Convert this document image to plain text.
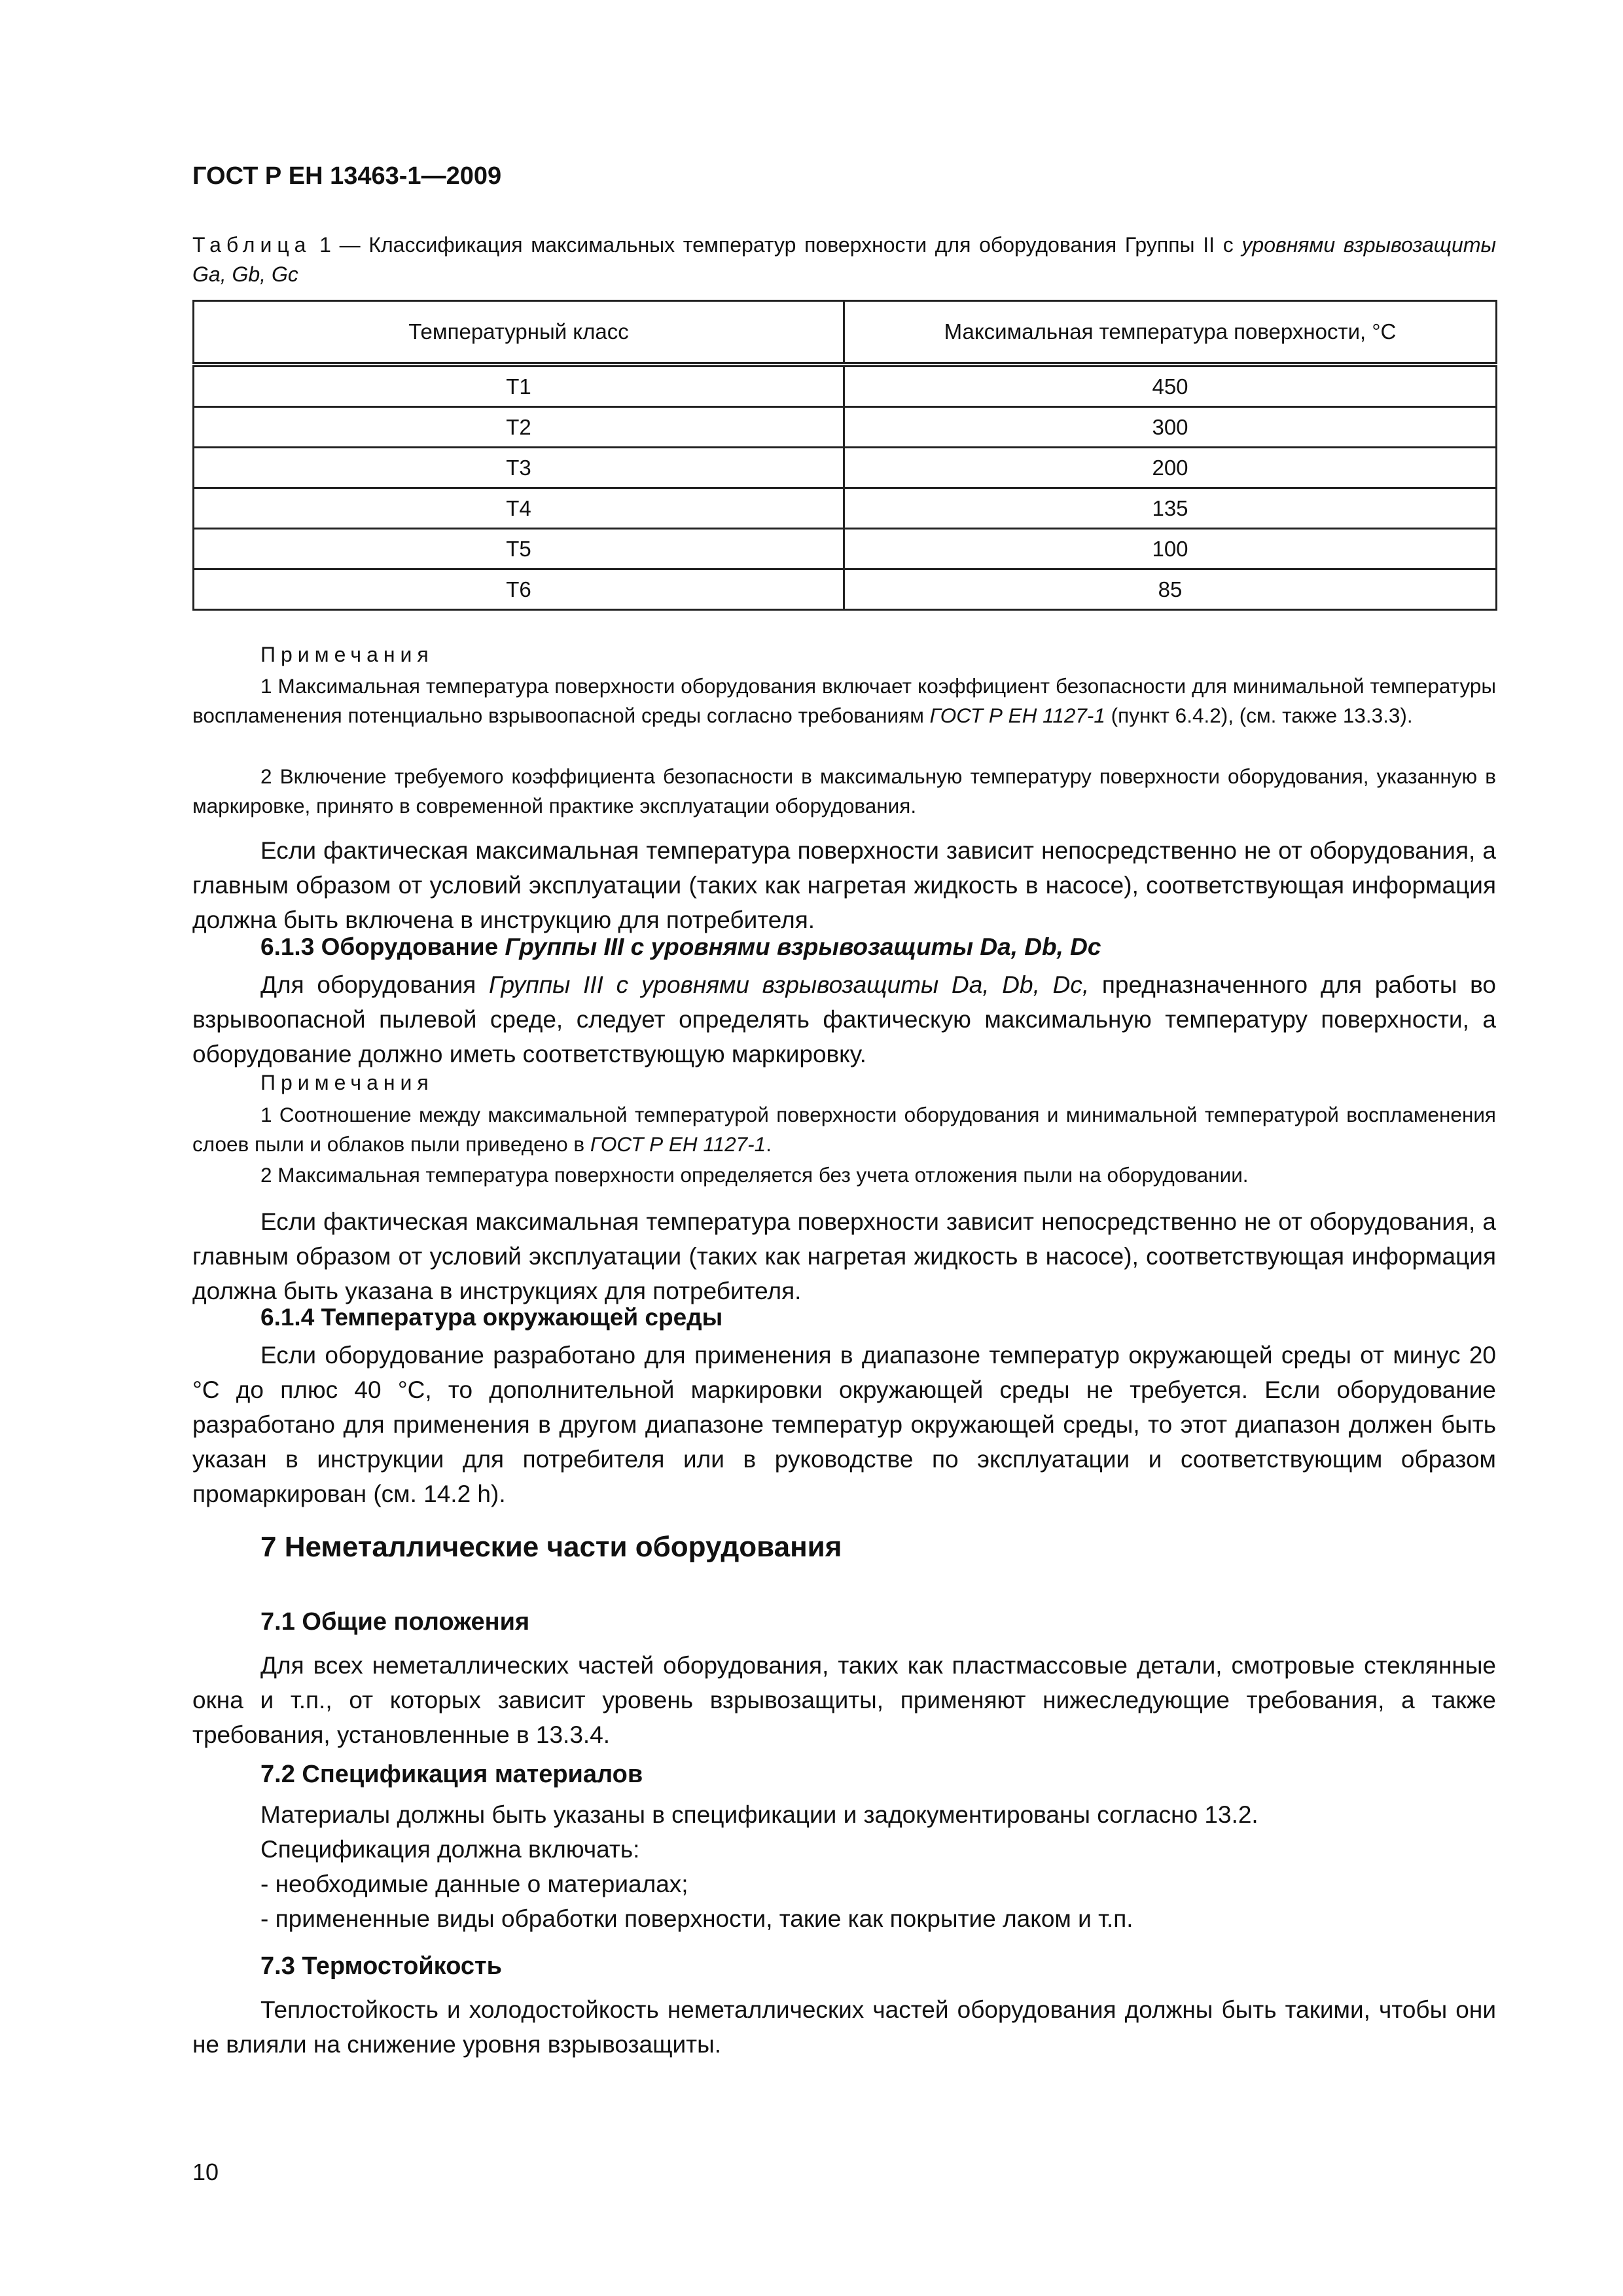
ГОСТ Р ЕН 13463-1—2009
Таблица 1 — Классификация максимальных температур поверхности для оборудования Группы II с уровнями взрывозащиты Ga, Gb, Gc
Температурный класс	Максимальная температура поверхности, °С
Т1	450
Т2	300
Т3	200
Т4	135
Т5	100
Т6	85
Примечания
1 Максимальная температура поверхности оборудования включает коэффициент безопасности для минимальной температуры воспламенения потенциально взрывоопасной среды согласно требованиям ГОСТ Р ЕН 1127-1 (пункт 6.4.2), (см. также 13.3.3).
2 Включение требуемого коэффициента безопасности в максимальную температуру поверхности оборудования, указанную в маркировке, принято в современной практике эксплуатации оборудования.
Если фактическая максимальная температура поверхности зависит непосредственно не от оборудования, а главным образом от условий эксплуатации (таких как нагретая жидкость в насосе), соответствующая информация должна быть включена в инструкцию для потребителя.
6.1.3 Оборудование Группы III с уровнями взрывозащиты Da, Db, Dc
Для оборудования Группы III с уровнями взрывозащиты Da, Db, Dc, предназначенного для работы во взрывоопасной пылевой среде, следует определять фактическую максимальную температуру поверхности, а оборудование должно иметь соответствующую маркировку.
Примечания
1 Соотношение между максимальной температурой поверхности оборудования и минимальной температурой воспламенения слоев пыли и облаков пыли приведено в ГОСТ Р ЕН 1127-1.
2 Максимальная температура поверхности определяется без учета отложения пыли на оборудовании.
Если фактическая максимальная температура поверхности зависит непосредственно не от оборудования, а главным образом от условий эксплуатации (таких как нагретая жидкость в насосе), соответствующая информация должна быть указана в инструкциях для потребителя.
6.1.4 Температура окружающей среды
Если оборудование разработано для применения в диапазоне температур окружающей среды от минус 20 °С до плюс 40 °С, то дополнительной маркировки окружающей среды не требуется. Если оборудование разработано для применения в другом диапазоне температур окружающей среды, то этот диапазон должен быть указан в инструкции для потребителя или в руководстве по эксплуатации и соответствующим образом промаркирован (см. 14.2 h).
7 Неметаллические части оборудования
7.1 Общие положения
Для всех неметаллических частей оборудования, таких как пластмассовые детали, смотровые стеклянные окна и т.п., от которых зависит уровень взрывозащиты, применяют нижеследующие требования, а также требования, установленные в 13.3.4.
7.2 Спецификация материалов
Материалы должны быть указаны в спецификации и задокументированы согласно 13.2.
Спецификация должна включать:
- необходимые данные о материалах;
- примененные виды обработки поверхности, такие как покрытие лаком и т.п.
7.3 Термостойкость
Теплостойкость и холодостойкость неметаллических частей оборудования должны быть такими, чтобы они не влияли на снижение уровня взрывозащиты.
10
